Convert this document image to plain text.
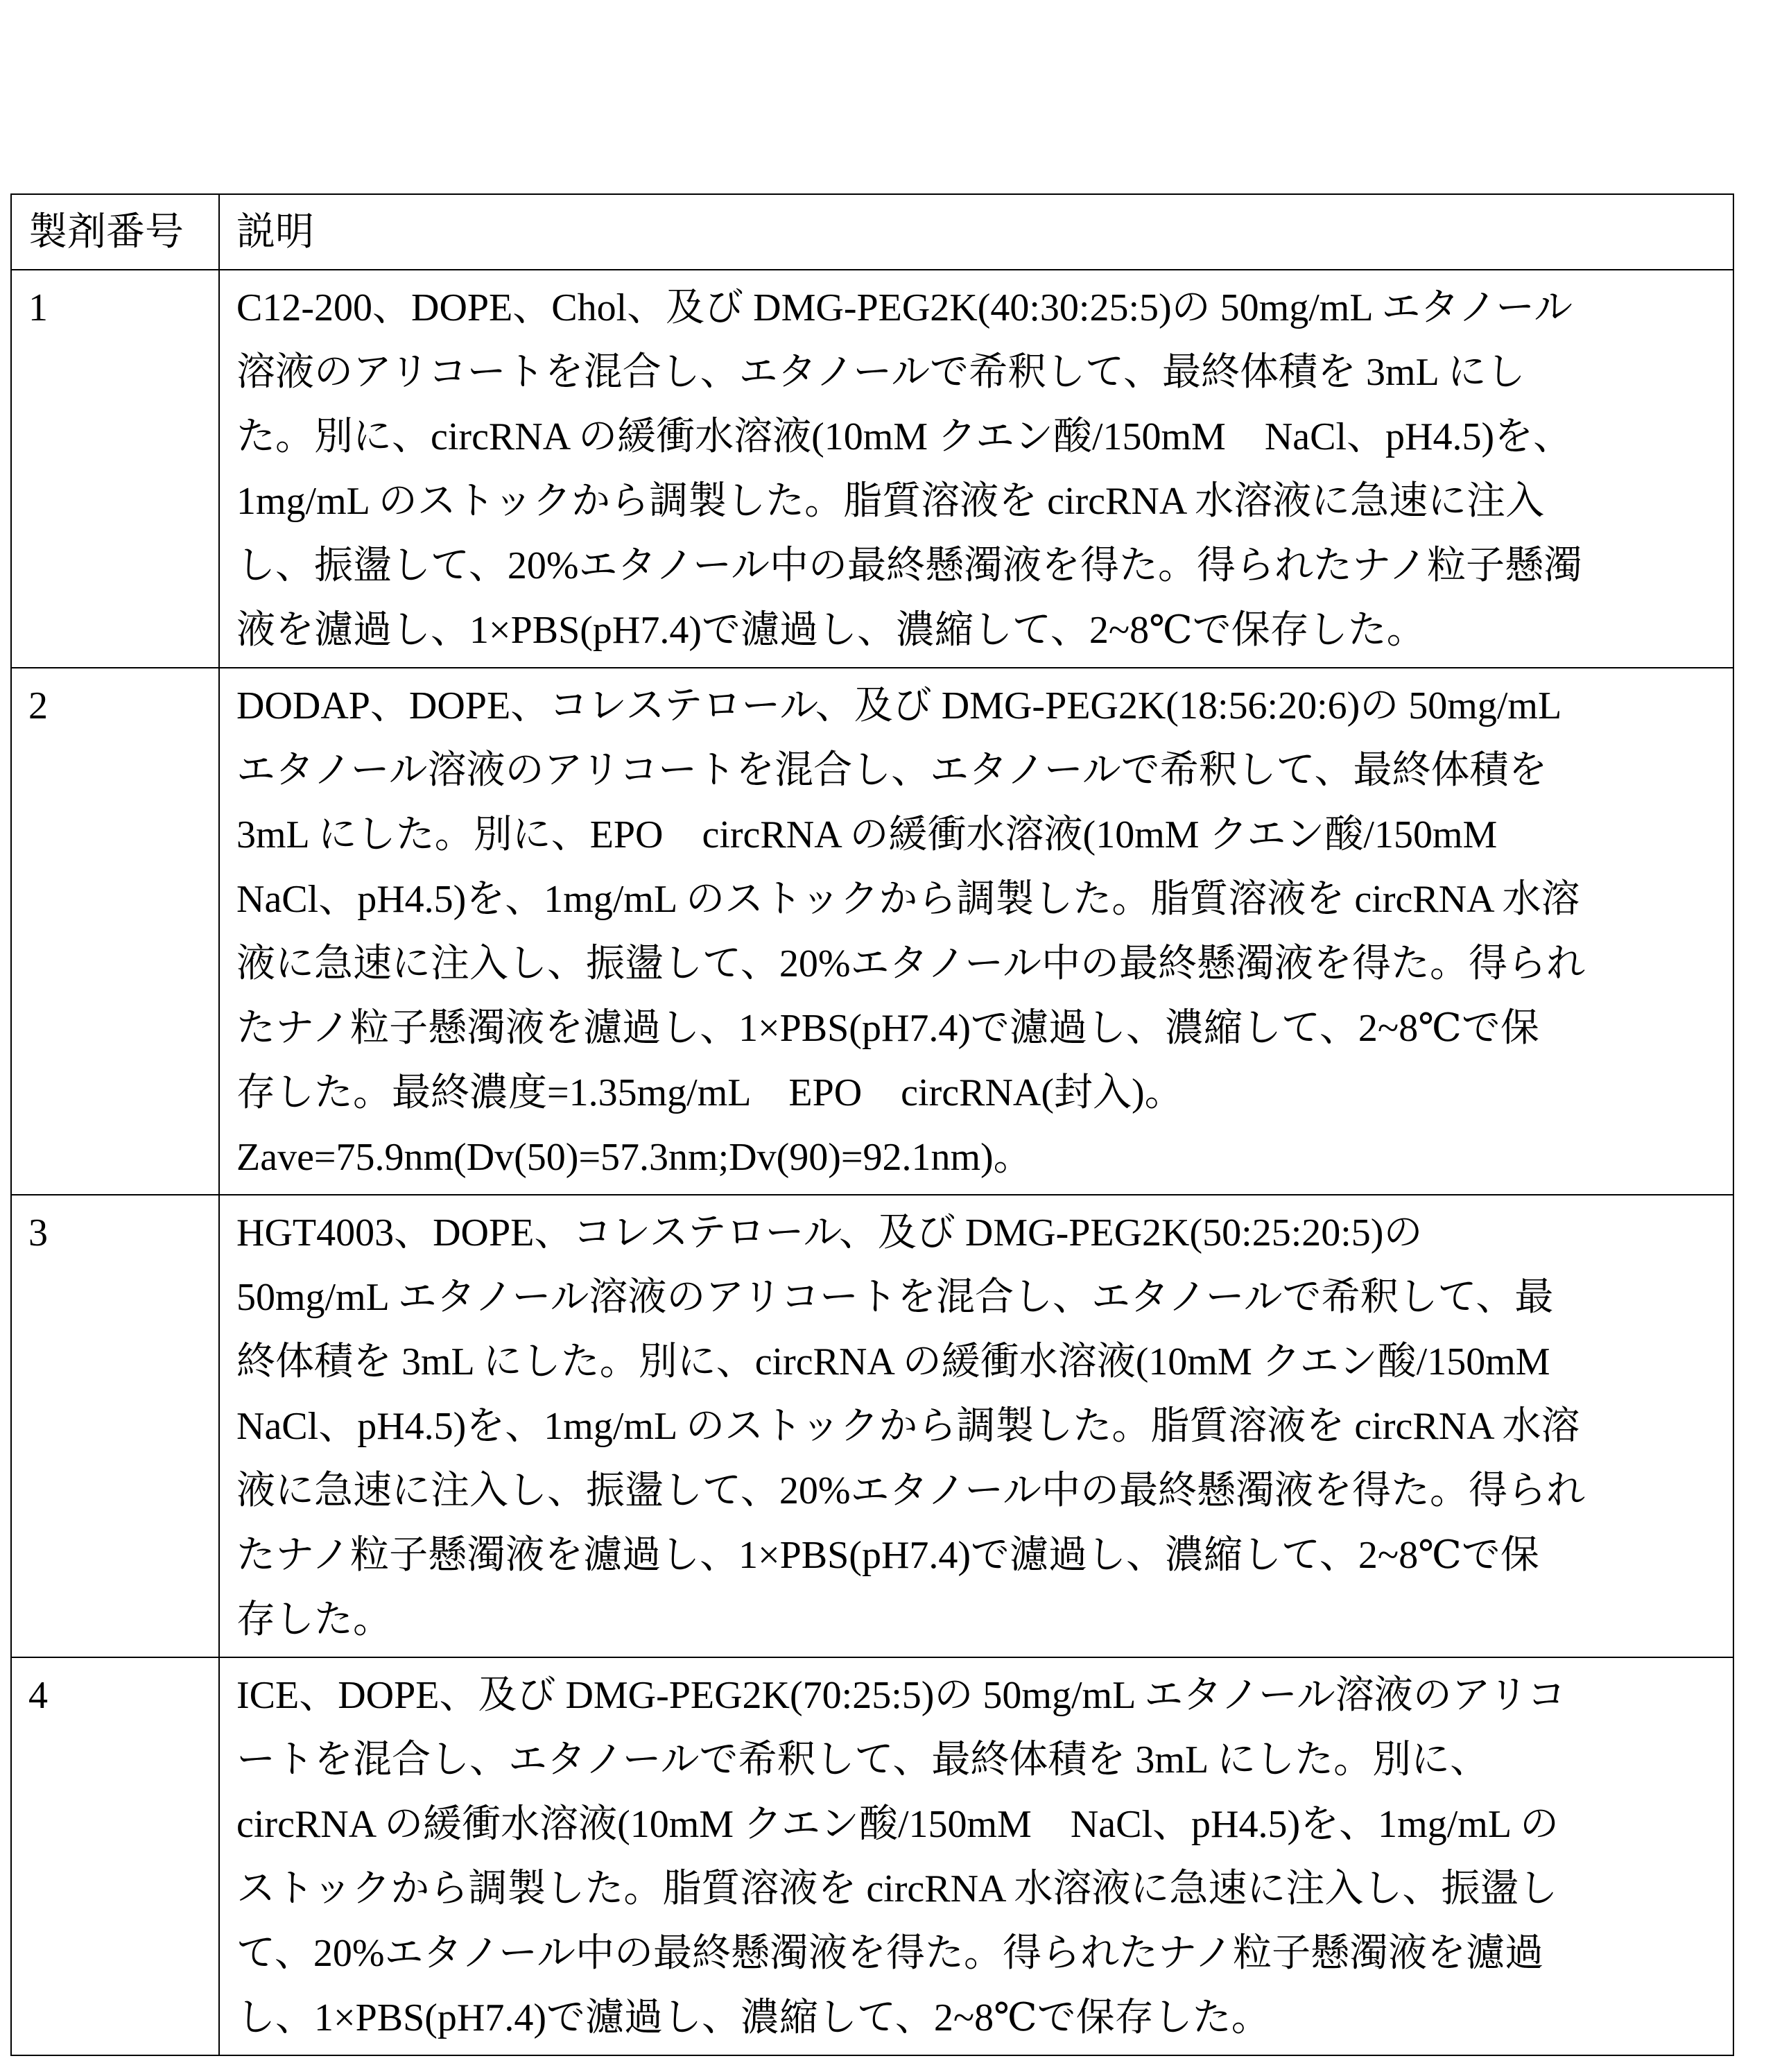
製剤番号	説明
1	C12-200、DOPE、Chol、及び DMG-PEG2K(40:30:25:5)の 50mg/mL エタノール
溶液のアリコートを混合し、エタノールで希釈して、最終体積を 3mL にし
た。別に、circRNA の緩衝水溶液(10mM クエン酸/150mM　NaCl、pH4.5)を、
1mg/mL のストックから調製した。脂質溶液を circRNA 水溶液に急速に注入
し、振盪して、20%エタノール中の最終懸濁液を得た。得られたナノ粒子懸濁
液を濾過し、1×PBS(pH7.4)で濾過し、濃縮して、2~8℃で保存した。

2	DODAP、DOPE、コレステロール、及び DMG-PEG2K(18:56:20:6)の 50mg/mL
エタノール溶液のアリコートを混合し、エタノールで希釈して、最終体積を
3mL にした。別に、EPO　circRNA の緩衝水溶液(10mM クエン酸/150mM
NaCl、pH4.5)を、1mg/mL のストックから調製した。脂質溶液を circRNA 水溶
液に急速に注入し、振盪して、20%エタノール中の最終懸濁液を得た。得られ
たナノ粒子懸濁液を濾過し、1×PBS(pH7.4)で濾過し、濃縮して、2~8℃で保
存した。最終濃度=1.35mg/mL　EPO　circRNA(封入)。
Zave=75.9nm(Dv(50)=57.3nm;Dv(90)=92.1nm)。

3	HGT4003、DOPE、コレステロール、及び DMG-PEG2K(50:25:20:5)の
50mg/mL エタノール溶液のアリコートを混合し、エタノールで希釈して、最
終体積を 3mL にした。別に、circRNA の緩衝水溶液(10mM クエン酸/150mM
NaCl、pH4.5)を、1mg/mL のストックから調製した。脂質溶液を circRNA 水溶
液に急速に注入し、振盪して、20%エタノール中の最終懸濁液を得た。得られ
たナノ粒子懸濁液を濾過し、1×PBS(pH7.4)で濾過し、濃縮して、2~8℃で保
存した。

4	ICE、DOPE、及び DMG-PEG2K(70:25:5)の 50mg/mL エタノール溶液のアリコ
ートを混合し、エタノールで希釈して、最終体積を 3mL にした。別に、
circRNA の緩衝水溶液(10mM クエン酸/150mM　NaCl、pH4.5)を、1mg/mL の
ストックから調製した。脂質溶液を circRNA 水溶液に急速に注入し、振盪し
て、20%エタノール中の最終懸濁液を得た。得られたナノ粒子懸濁液を濾過
し、1×PBS(pH7.4)で濾過し、濃縮して、2~8℃で保存した。
